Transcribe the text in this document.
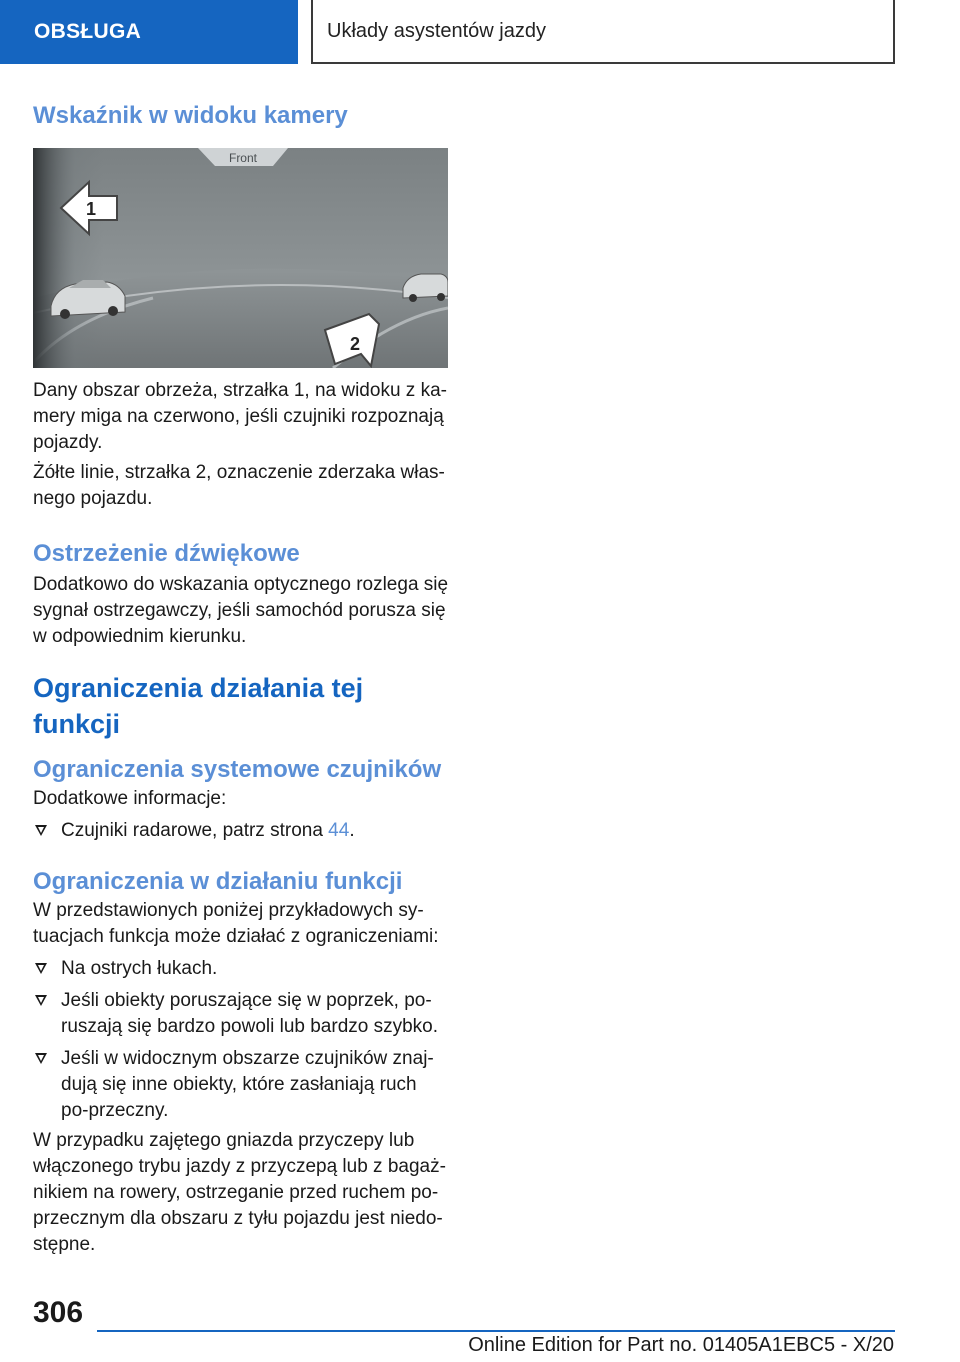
OBSŁUGA	Układy asystentów jazdy
Wskaźnik w widoku kamery
Front
1
2

Dany obszar obrzeża, strzałka 1, na widoku z ka-mery miga na czerwono, jeśli czujniki rozpoznają pojazdy.

Żółte linie, strzałka 2, oznaczenie zderzaka włas-nego pojazdu.

Ostrzeżenie dźwiękowe

Dodatkowo do wskazania optycznego rozlega się sygnał ostrzegawczy, jeśli samochód porusza się w odpowiednim kierunku.

Ograniczenia działania tej funkcji
Ograniczenia systemowe czujników

Dodatkowe informacje:

Czujniki radarowe, patrz strona 44.
Ograniczenia w działaniu funkcji

W przedstawionych poniżej przykładowych sy-tuacjach funkcja może działać z ograniczeniami:

Na ostrych łukach.
Jeśli obiekty poruszające się w poprzek, po-ruszają się bardzo powoli lub bardzo szybko.
Jeśli w widocznym obszarze czujników znaj-dują się inne obiekty, które zasłaniają ruch po-przeczny.

W przypadku zajętego gniazda przyczepy lub włączonego trybu jazdy z przyczepą lub z bagaż-nikiem na rowery, ostrzeganie przed ruchem po-przecznym dla obszaru z tyłu pojazdu jest niedo-stępne.

306
Online Edition for Part no. 01405A1EBC5 - X/20
